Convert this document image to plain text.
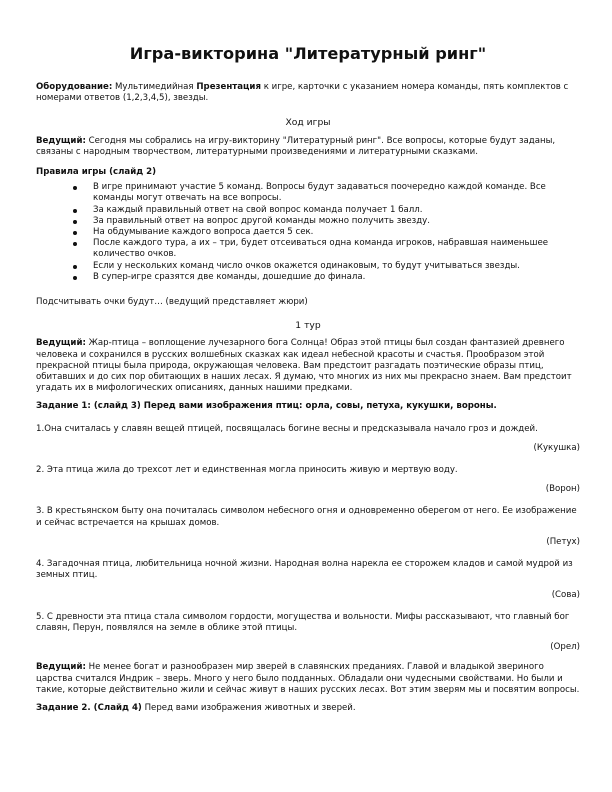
Игра-викторина "Литературный ринг"

Оборудование: Мультимедийная Презентация к игре, карточки с указанием номера команды, пять комплектов с номерами ответов (1,2,3,4,5), звезды.

Ход игры

Ведущий: Сегодня мы собрались на игру-викторину "Литературный ринг". Все вопросы, которые будут заданы, связаны с народным творчеством, литературными произведениями и литературными сказками.

Правила игры (слайд 2)

В игре принимают участие 5 команд. Вопросы будут задаваться поочередно каждой команде. Все команды могут отвечать на все вопросы.
За каждый правильный ответ на свой вопрос команда получает 1 балл.
За правильный ответ на вопрос другой команды можно получить звезду.
На обдумывание каждого вопроса дается 5 сек.
После каждого тура, а их – три, будет отсеиваться одна команда игроков, набравшая наименьшее количество очков.
Если у нескольких команд число очков окажется одинаковым, то будут учитываться звезды.
В супер-игре сразятся две команды, дошедшие до финала.

Подсчитывать очки будут… (ведущий представляет жюри)

1 тур

Ведущий: Жар-птица – воплощение лучезарного бога Солнца! Образ этой птицы был создан фантазией древнего человека и сохранился в русских волшебных сказках как идеал небесной красоты и счастья. Прообразом этой прекрасной птицы была природа, окружающая человека. Вам предстоит разгадать поэтические образы птиц, обитавших и до сих пор обитающих в наших лесах. Я думаю, что многих из них мы прекрасно знаем. Вам предстоит угадать их в мифологических описаниях, данных нашими предками.

Задание 1: (слайд 3) Перед вами изображения птиц: орла, совы, петуха, кукушки, вороны.

1.Она считалась у славян вещей птицей, посвящалась богине весны и предсказывала начало гроз и дождей.

(Кукушка)

2. Эта птица жила до трехсот лет и единственная могла приносить живую и мертвую воду.

(Ворон)

3. В крестьянском быту она почиталась символом небесного огня и одновременно оберегом от него. Ее изображение и сейчас встречается на крышах домов.

(Петух)

4. Загадочная птица, любительница ночной жизни. Народная волна нарекла ее сторожем кладов и самой мудрой из земных птиц.

(Сова)

5. С древности эта птица стала символом гордости, могущества и вольности. Мифы рассказывают, что главный бог славян, Перун, появлялся на земле в облике этой птицы.

(Орел)

Ведущий: Не менее богат и разнообразен мир зверей в славянских преданиях. Главой и владыкой звериного царства считался Индрик – зверь. Много у него было подданных. Обладали они чудесными свойствами. Но были и такие, которые действительно жили и сейчас живут в наших русских лесах. Вот этим зверям мы и посвятим вопросы.

Задание 2. (Слайд 4) Перед вами изображения животных и зверей.
